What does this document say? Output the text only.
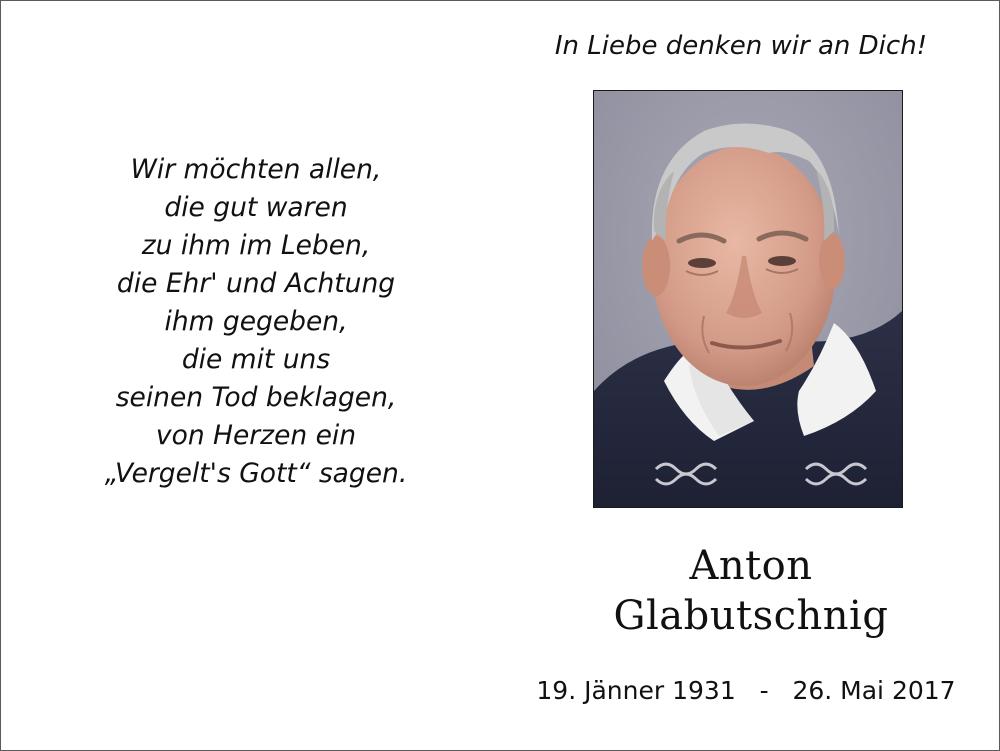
In Liebe denken wir an Dich!
Wir möchten allen,
die gut waren
zu ihm im Leben,
die Ehr' und Achtung
ihm gegeben,
die mit uns
seinen Tod beklagen,
von Herzen ein
„Vergelt's Gott“ sagen.
Anton
Glabutschnig
19. Jänner 1931 - 26. Mai 2017
